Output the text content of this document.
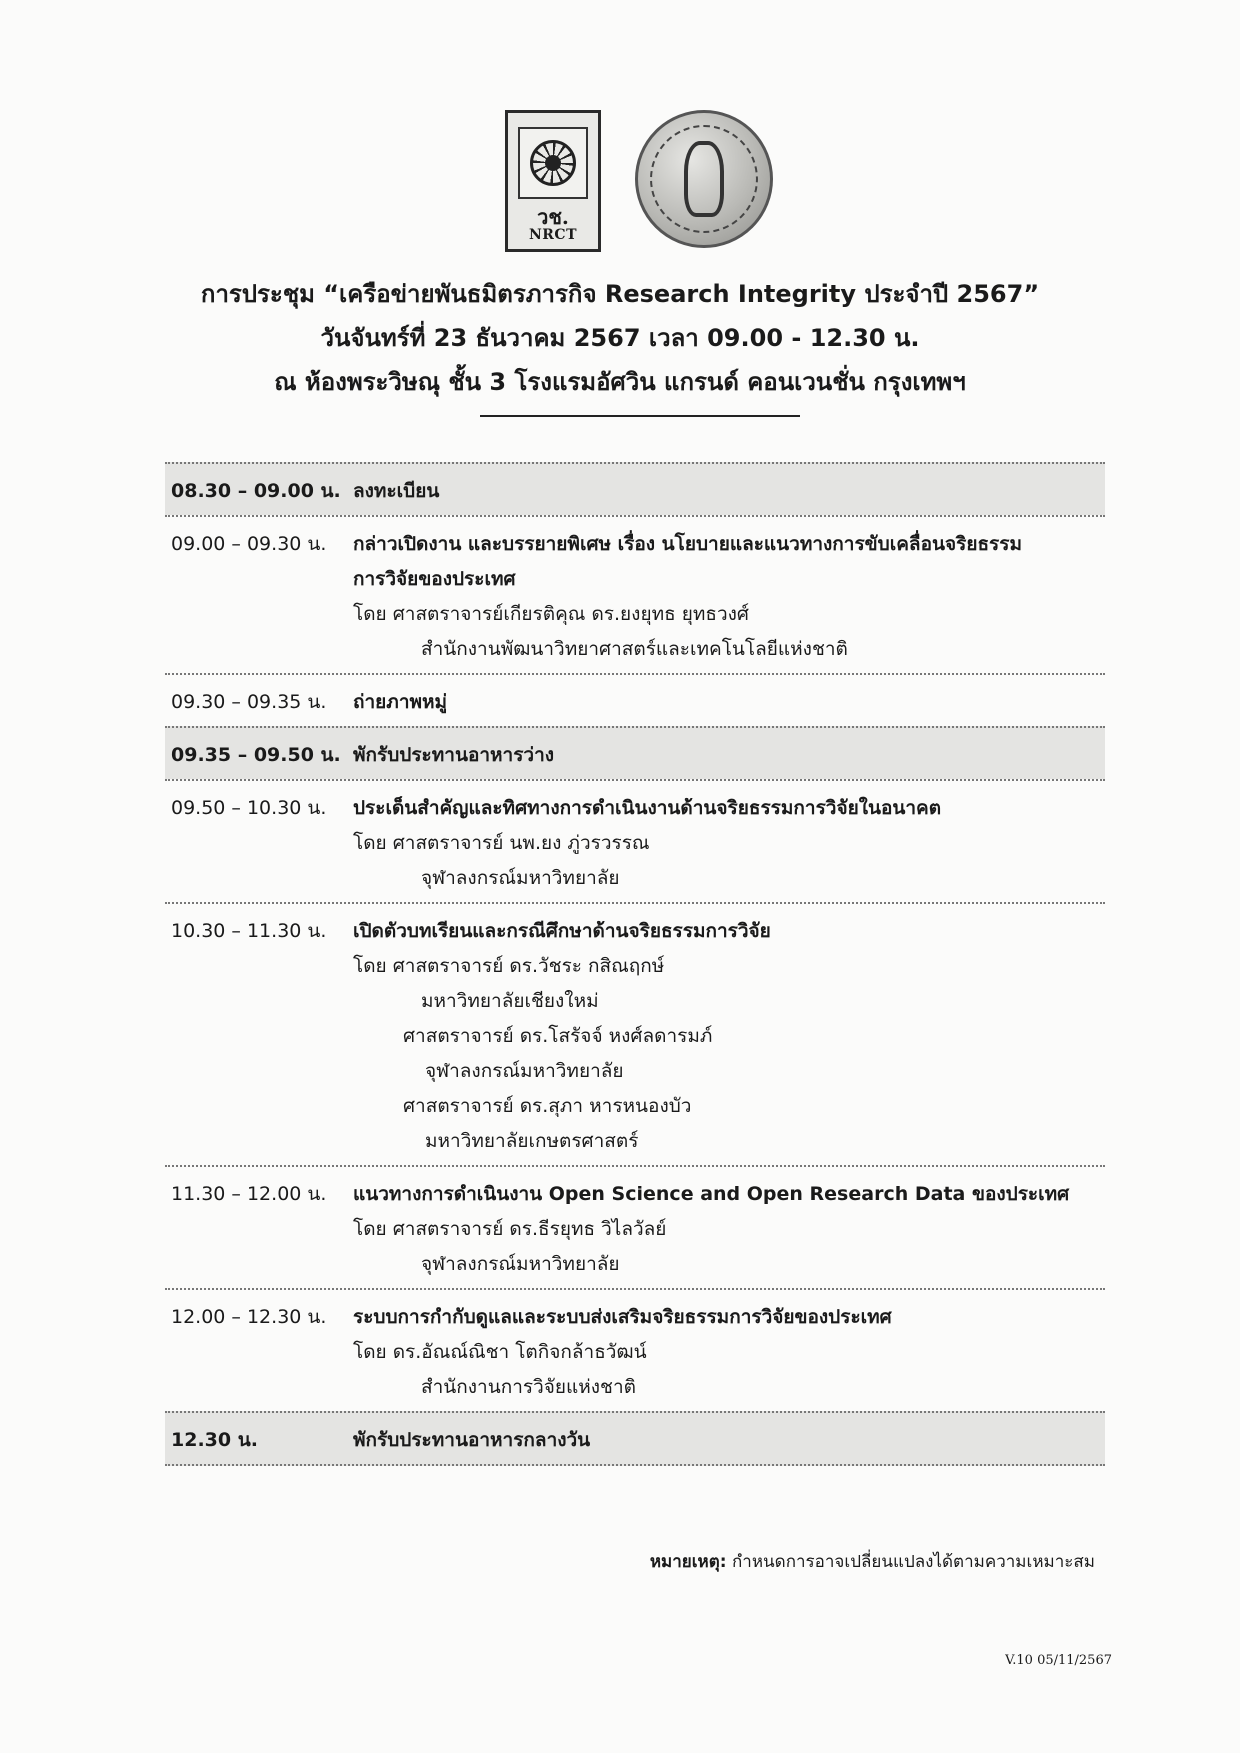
วช.
NRCT
การประชุม “เครือข่ายพันธมิตรภารกิจ Research Integrity ประจำปี 2567”
วันจันทร์ที่ 23 ธันวาคม 2567 เวลา 09.00 - 12.30 น.
ณ ห้องพระวิษณุ ชั้น 3 โรงแรมอัศวิน แกรนด์ คอนเวนชั่น กรุงเทพฯ
08.30 – 09.00 น. ลงทะเบียน
09.00 – 09.30 น.	กล่าวเปิดงาน และบรรยายพิเศษ เรื่อง นโยบายและแนวทางการขับเคลื่อนจริยธรรม
การวิจัยของประเทศ
โดย ศาสตราจารย์เกียรติคุณ ดร.ยงยุทธ ยุทธวงศ์
สำนักงานพัฒนาวิทยาศาสตร์และเทคโนโลยีแห่งชาติ
09.30 – 09.35 น.	ถ่ายภาพหมู่
09.35 – 09.50 น. พักรับประทานอาหารว่าง
09.50 – 10.30 น.	ประเด็นสำคัญและทิศทางการดำเนินงานด้านจริยธรรมการวิจัยในอนาคต
โดย ศาสตราจารย์ นพ.ยง ภู่วรวรรณ
จุฬาลงกรณ์มหาวิทยาลัย
10.30 – 11.30 น.	เปิดตัวบทเรียนและกรณีศึกษาด้านจริยธรรมการวิจัย
โดย ศาสตราจารย์ ดร.วัชระ กสิณฤกษ์
มหาวิทยาลัยเชียงใหม่
ศาสตราจารย์ ดร.โสรัจจ์ หงศ์ลดารมภ์
จุฬาลงกรณ์มหาวิทยาลัย
ศาสตราจารย์ ดร.สุภา หารหนองบัว
มหาวิทยาลัยเกษตรศาสตร์
11.30 – 12.00 น.	แนวทางการดำเนินงาน Open Science and Open Research Data ของประเทศ
โดย ศาสตราจารย์ ดร.ธีรยุทธ วิไลวัลย์
จุฬาลงกรณ์มหาวิทยาลัย
12.00 – 12.30 น.	ระบบการกำกับดูแลและระบบส่งเสริมจริยธรรมการวิจัยของประเทศ
โดย ดร.อัณณ์ณิชา โตกิจกล้าธวัฒน์
สำนักงานการวิจัยแห่งชาติ
12.30 น.	พักรับประทานอาหารกลางวัน
หมายเหตุ: กำหนดการอาจเปลี่ยนแปลงได้ตามความเหมาะสม
V.10 05/11/2567
